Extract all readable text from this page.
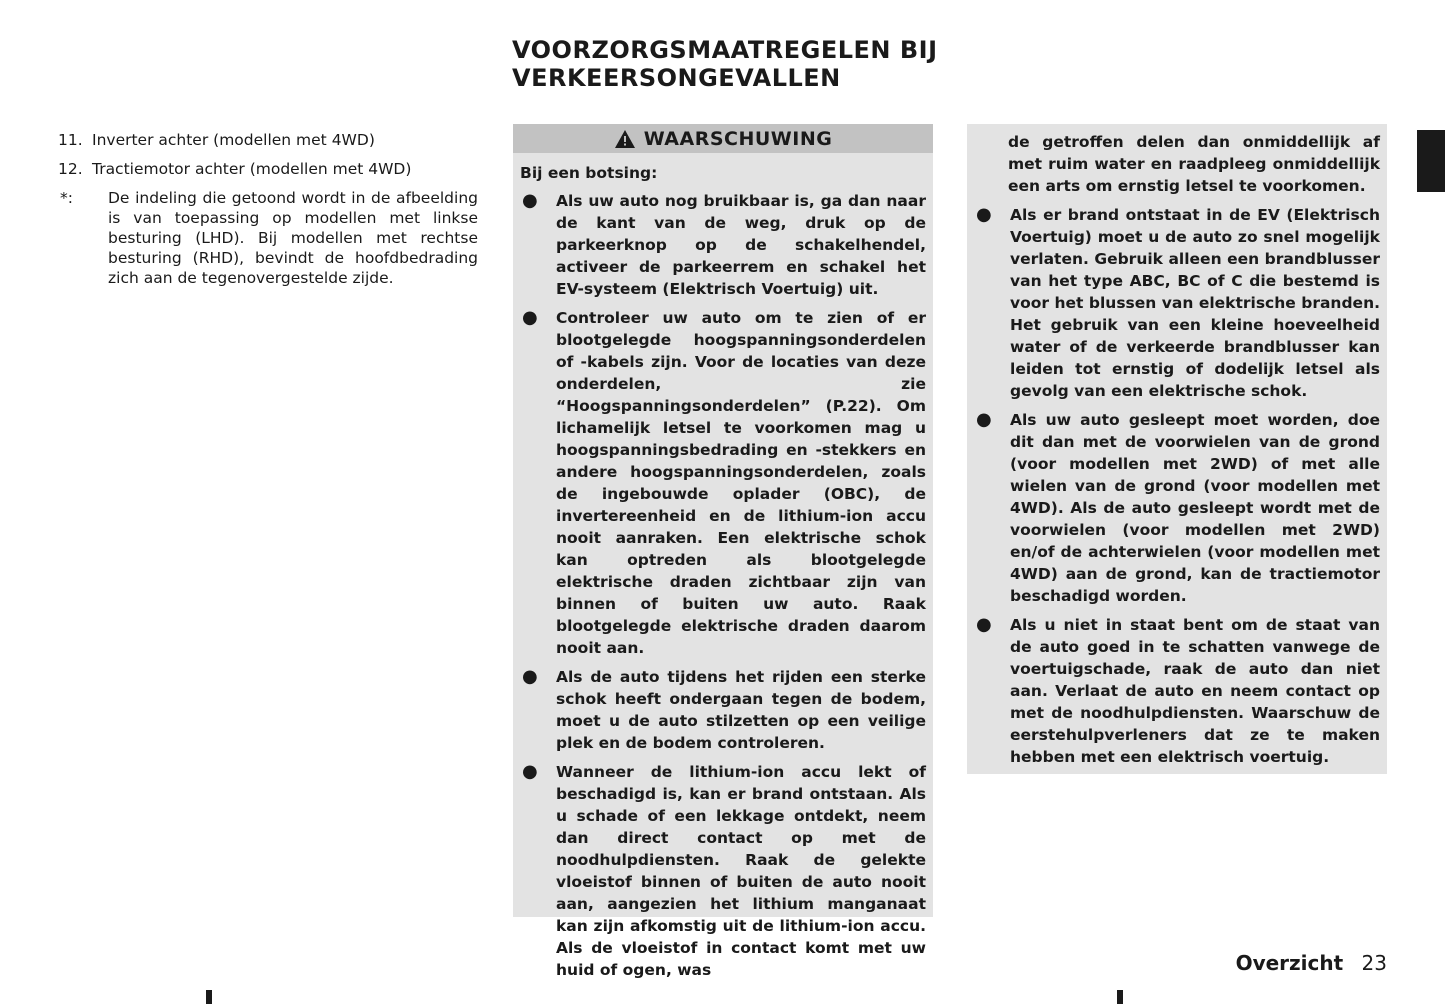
VOORZORGSMAATREGELEN BIJ
VERKEERSONGEVALLEN
11. Inverter achter (modellen met 4WD)
12. Tractiemotor achter (modellen met 4WD)
*:	De indeling die getoond wordt in de afbeelding is van toepassing op modellen met linkse besturing (LHD). Bij modellen met rechtse besturing (RHD), bevindt de hoofdbedrading zich aan de tegenovergestelde zijde.
WAARSCHUWING
Bij een botsing:
●	Als uw auto nog bruikbaar is, ga dan naar de kant van de weg, druk op de parkeerknop op de schakelhendel, activeer de parkeerrem en schakel het EV-systeem (Elektrisch Voertuig) uit.
●	Controleer uw auto om te zien of er blootgelegde hoogspanningsonderdelen of -kabels zijn. Voor de locaties van deze onderdelen, zie “Hoogspanningsonderdelen” (P.22). Om lichamelijk letsel te voorkomen mag u hoogspanningsbedrading en -stekkers en andere hoogspanningsonderdelen, zoals de ingebouwde oplader (OBC), de invertereenheid en de lithium-ion accu nooit aanraken. Een elektrische schok kan optreden als blootgelegde elektrische draden zichtbaar zijn van binnen of buiten uw auto. Raak blootgelegde elektrische draden daarom nooit aan.
●	Als de auto tijdens het rijden een sterke schok heeft ondergaan tegen de bodem, moet u de auto stilzetten op een veilige plek en de bodem controleren.
●	Wanneer de lithium-ion accu lekt of beschadigd is, kan er brand ontstaan. Als u schade of een lekkage ontdekt, neem dan direct contact op met de noodhulpdiensten. Raak de gelekte vloeistof binnen of buiten de auto nooit aan, aangezien het lithium manganaat kan zijn afkomstig uit de lithium-ion accu. Als de vloeistof in contact komt met uw huid of ogen, was
de getroffen delen dan onmiddellijk af met ruim water en raadpleeg onmiddellijk een arts om ernstig letsel te voorkomen.
●	Als er brand ontstaat in de EV (Elektrisch Voertuig) moet u de auto zo snel mogelijk verlaten. Gebruik alleen een brandblusser van het type ABC, BC of C die bestemd is voor het blussen van elektrische branden. Het gebruik van een kleine hoeveelheid water of de verkeerde brandblusser kan leiden tot ernstig of dodelijk letsel als gevolg van een elektrische schok.
●	Als uw auto gesleept moet worden, doe dit dan met de voorwielen van de grond (voor modellen met 2WD) of met alle wielen van de grond (voor modellen met 4WD). Als de auto gesleept wordt met de voorwielen (voor modellen met 2WD) en/of de achterwielen (voor modellen met 4WD) aan de grond, kan de tractiemotor beschadigd worden.
●	Als u niet in staat bent om de staat van de auto goed in te schatten vanwege de voertuigschade, raak de auto dan niet aan. Verlaat de auto en neem contact op met de noodhulpdiensten. Waarschuw de eerstehulpverleners dat ze te maken hebben met een elektrisch voertuig.
Overzicht 23
